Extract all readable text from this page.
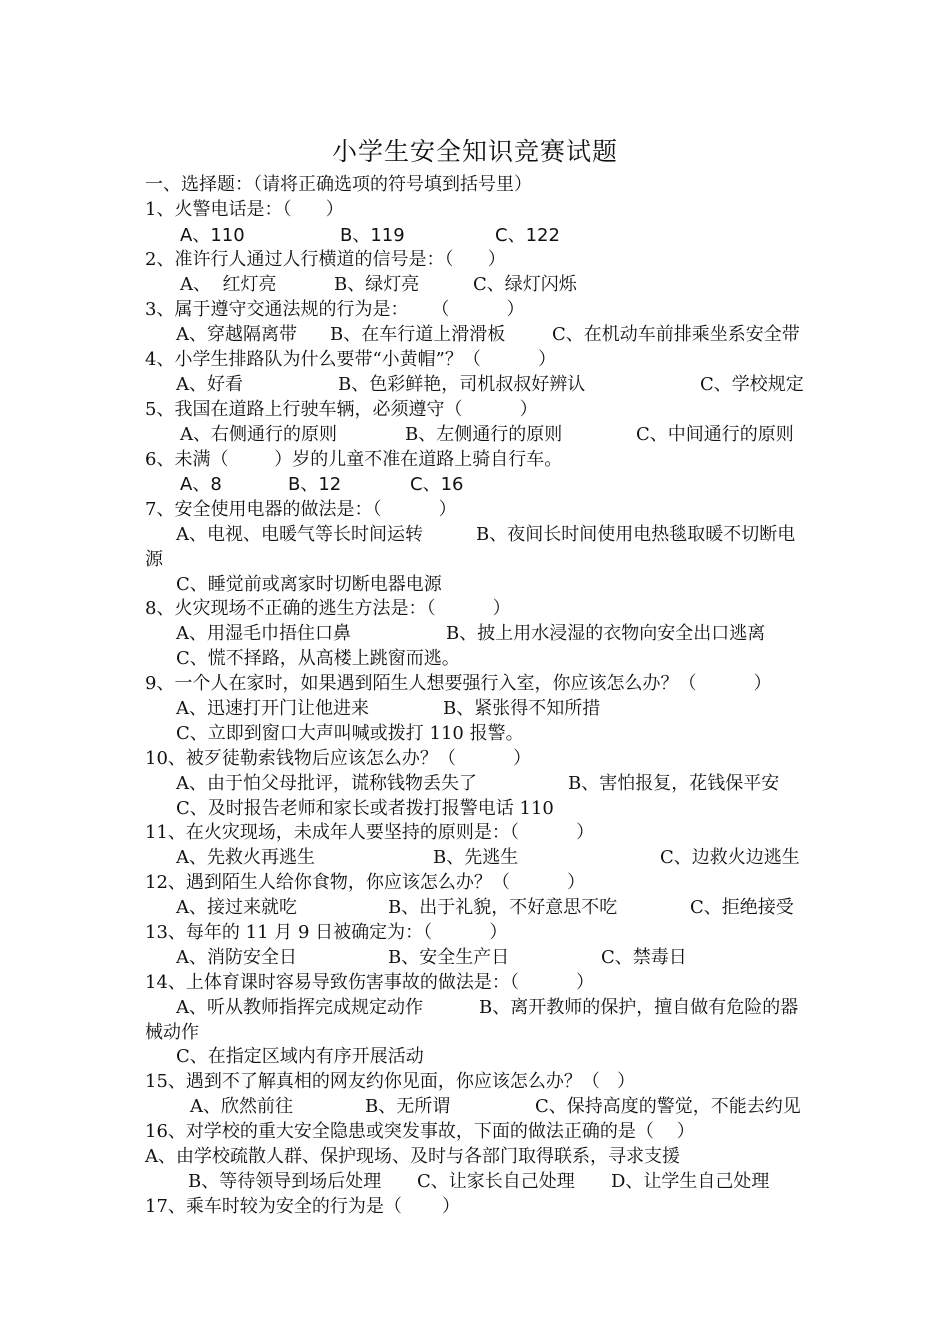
小学生安全知识竞赛试题
一、选择题：（请将正确选项的符号填到括号里）
1、火警电话是：（      ）
A、110	B、119	C、122
2、准许行人通过人行横道的信号是：（      ）
A、  红灯亮	B、绿灯亮	C、绿灯闪烁
3、属于遵守交通法规的行为是：    （          ）
A、穿越隔离带 B、在车行道上滑滑板	C、在机动车前排乘坐系安全带
4、小学生排路队为什么要带“小黄帽”？（          ）
A、好看	B、色彩鲜艳，司机叔叔好辨认	C、学校规定
5、我国在道路上行驶车辆，必须遵守（          ）
A、右侧通行的原则	B、左侧通行的原则	C、中间通行的原则
6、未满（        ）岁的儿童不准在道路上骑自行车。
A、8	B、12	C、16
7、安全使用电器的做法是：（          ）
A、电视、电暖气等长时间运转	B、夜间长时间使用电热毯取暖不切断电
源
C、睡觉前或离家时切断电器电源
8、火灾现场不正确的逃生方法是：（          ）
A、用湿毛巾捂住口鼻	B、披上用水浸湿的衣物向安全出口逃离
C、慌不择路，从高楼上跳窗而逃。
9、一个人在家时，如果遇到陌生人想要强行入室，你应该怎么办？（          ）
A、迅速打开门让他进来	B、紧张得不知所措
C、立即到窗口大声叫喊或拨打 110 报警。
10、被歹徒勒索钱物后应该怎么办？（          ）
A、由于怕父母批评，谎称钱物丢失了	B、害怕报复，花钱保平安
C、及时报告老师和家长或者拨打报警电话 110
11、在火灾现场，未成年人要坚持的原则是：（          ）
A、先救火再逃生	B、先逃生	C、边救火边逃生
12、遇到陌生人给你食物，你应该怎么办？（          ）
A、接过来就吃	B、出于礼貌，不好意思不吃	C、拒绝接受
13、每年的 11 月 9 日被确定为：（          ）
A、消防安全日	B、安全生产日	C、禁毒日
14、上体育课时容易导致伤害事故的做法是：（          ）
A、听从教师指挥完成规定动作	B、离开教师的保护，擅自做有危险的器
械动作
C、在指定区域内有序开展活动
15、遇到不了解真相的网友约你见面，你应该怎么办？（   ）
A、欣然前往	B、无所谓	C、保持高度的警觉，不能去约见
16、对学校的重大安全隐患或突发事故，下面的做法正确的是（    ）
A、由学校疏散人群、保护现场、及时与各部门取得联系，寻求支援
B、等待领导到场后处理 C、让家长自己处理 D、让学生自己处理
17、乘车时较为安全的行为是（       ）
